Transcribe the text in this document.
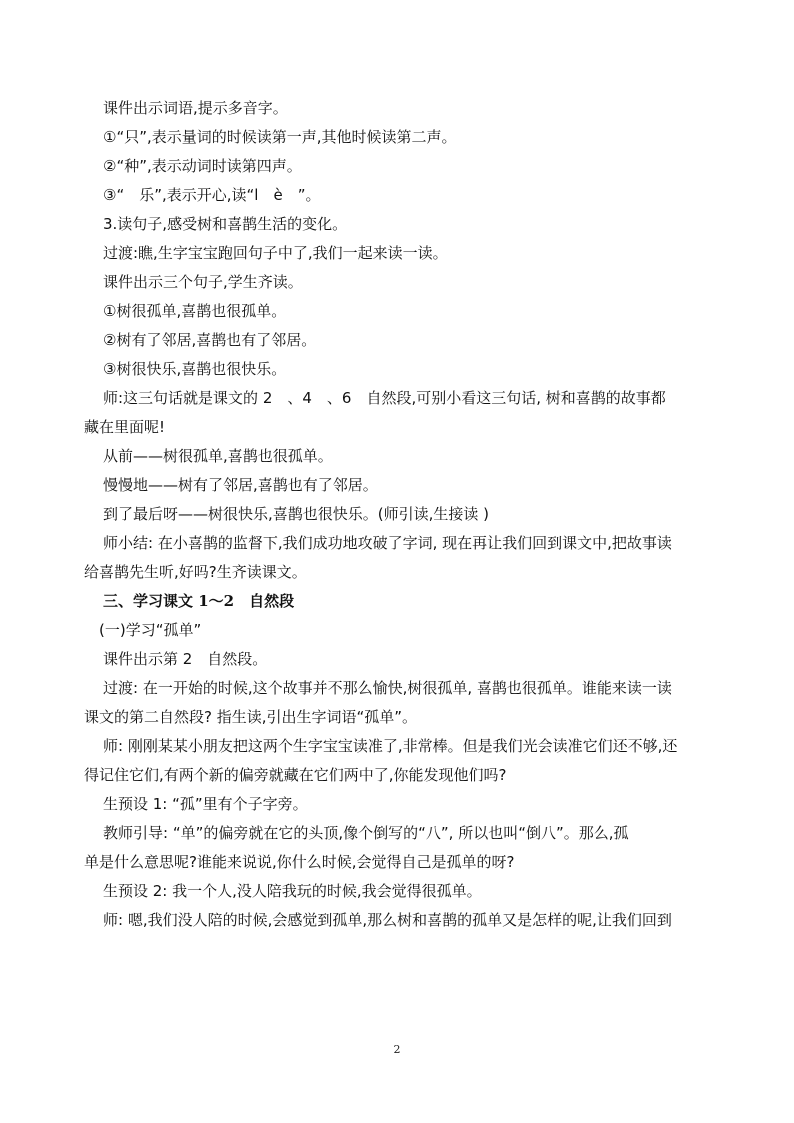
课件出示词语,提示多音字。

①“只”,表示量词的时候读第一声,其他时候读第二声。

②“种”,表示动词时读第四声。

③“　乐”,表示开心,读“l　è　”。

3.读句子,感受树和喜鹊生活的变化。

过渡:瞧,生字宝宝跑回句子中了,我们一起来读一读。

课件出示三个句子,学生齐读。

①树很孤单,喜鹊也很孤单。

②树有了邻居,喜鹊也有了邻居。

③树很快乐,喜鹊也很快乐。

师:这三句话就是课文的 2　、4　、6　自然段,可别小看这三句话, 树和喜鹊的故事都

藏在里面呢!

从前——树很孤单,喜鹊也很孤单。

慢慢地——树有了邻居,喜鹊也有了邻居。

到了最后呀——树很快乐,喜鹊也很快乐。(师引读,生接读 )

师小结: 在小喜鹊的监督下,我们成功地攻破了字词, 现在再让我们回到课文中,把故事读

给喜鹊先生听,好吗?生齐读课文。

三、学习课文 1～2　自然段

(一)学习“孤单”

课件出示第 2　自然段。

过渡: 在一开始的时候,这个故事并不那么愉快,树很孤单, 喜鹊也很孤单。谁能来读一读

课文的第二自然段? 指生读,引出生字词语“孤单”。

师: 刚刚某某小朋友把这两个生字宝宝读准了,非常棒。但是我们光会读准它们还不够,还

得记住它们,有两个新的偏旁就藏在它们两中了,你能发现他们吗?

生预设 1: “孤”里有个子字旁。

教师引导: “单”的偏旁就在它的头顶,像个倒写的“八”, 所以也叫“倒八”。那么,孤

单是什么意思呢?谁能来说说,你什么时候,会觉得自己是孤单的呀?

生预设 2: 我一个人,没人陪我玩的时候,我会觉得很孤单。

师: 嗯,我们没人陪的时候,会感觉到孤单,那么树和喜鹊的孤单又是怎样的呢,让我们回到

2
